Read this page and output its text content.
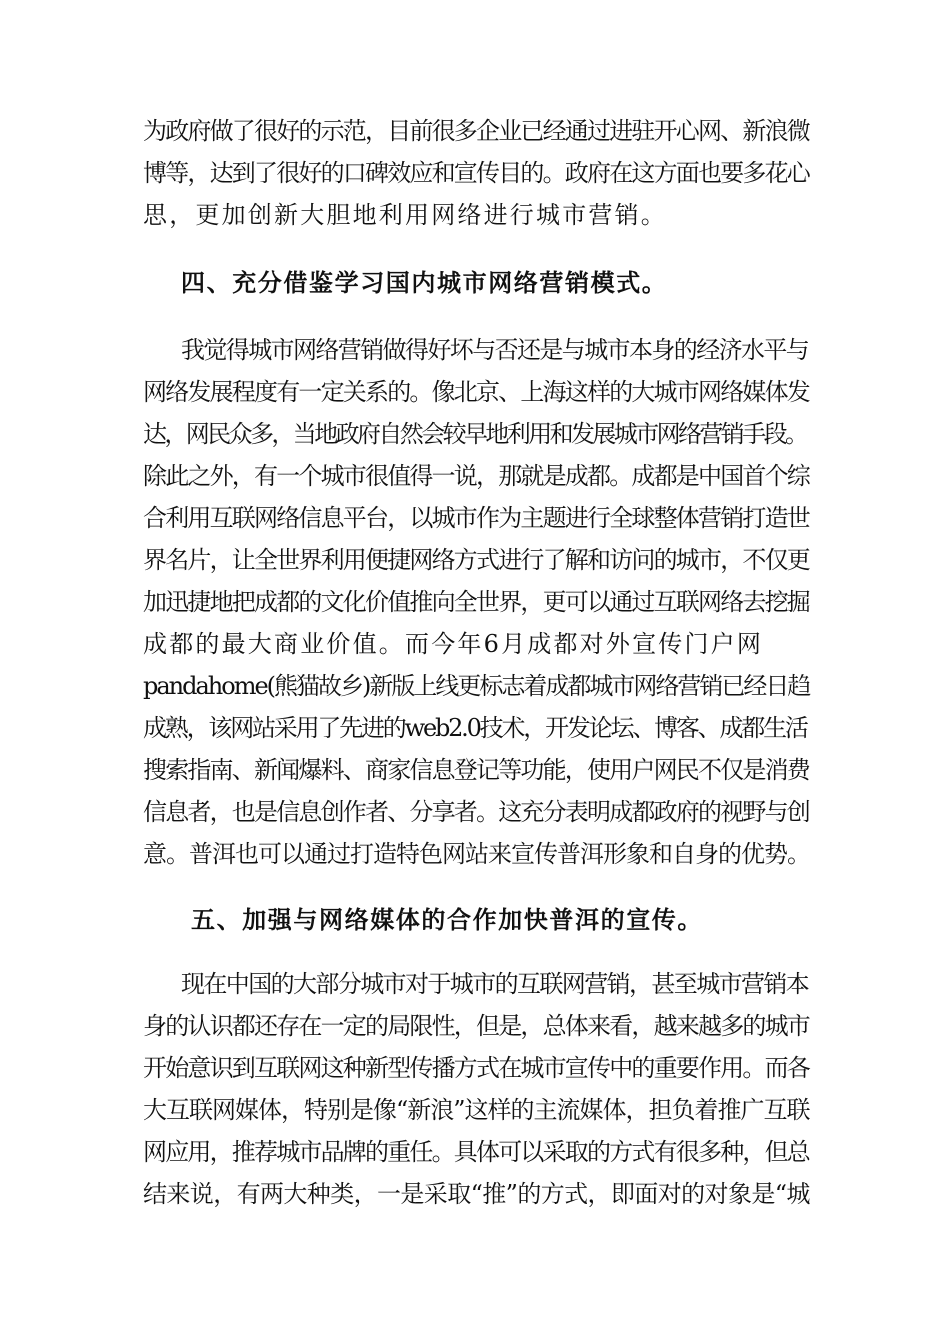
为政府做了很好的示范，目前很多企业已经通过进驻开心网、新浪微
博等，达到了很好的口碑效应和宣传目的。政府在这方面也要多花心
思，更加创新大胆地利用网络进行城市营销。
四、充分借鉴学习国内城市网络营销模式。
我觉得城市网络营销做得好坏与否还是与城市本身的经济水平与
网络发展程度有一定关系的。像北京、上海这样的大城市网络媒体发
达，网民众多，当地政府自然会较早地利用和发展城市网络营销手段。
除此之外，有一个城市很值得一说，那就是成都。成都是中国首个综
合利用互联网络信息平台，以城市作为主题进行全球整体营销打造世
界名片，让全世界利用便捷网络方式进行了解和访问的城市，不仅更
加迅捷地把成都的文化价值推向全世界，更可以通过互联网络去挖掘
成都的最大商业价值。而今年6月成都对外宣传门户网
pandahome(熊猫故乡)新版上线更标志着成都城市网络营销已经日趋
成熟，该网站采用了先进的web2.0技术，开发论坛、博客、成都生活
搜索指南、新闻爆料、商家信息登记等功能，使用户网民不仅是消费
信息者，也是信息创作者、分享者。这充分表明成都政府的视野与创
意。普洱也可以通过打造特色网站来宣传普洱形象和自身的优势。
五、加强与网络媒体的合作加快普洱的宣传。
现在中国的大部分城市对于城市的互联网营销，甚至城市营销本
身的认识都还存在一定的局限性，但是，总体来看，越来越多的城市
开始意识到互联网这种新型传播方式在城市宣传中的重要作用。而各
大互联网媒体，特别是像“新浪”这样的主流媒体，担负着推广互联
网应用，推荐城市品牌的重任。具体可以采取的方式有很多种，但总
结来说，有两大种类，一是采取“推”的方式，即面对的对象是“城
